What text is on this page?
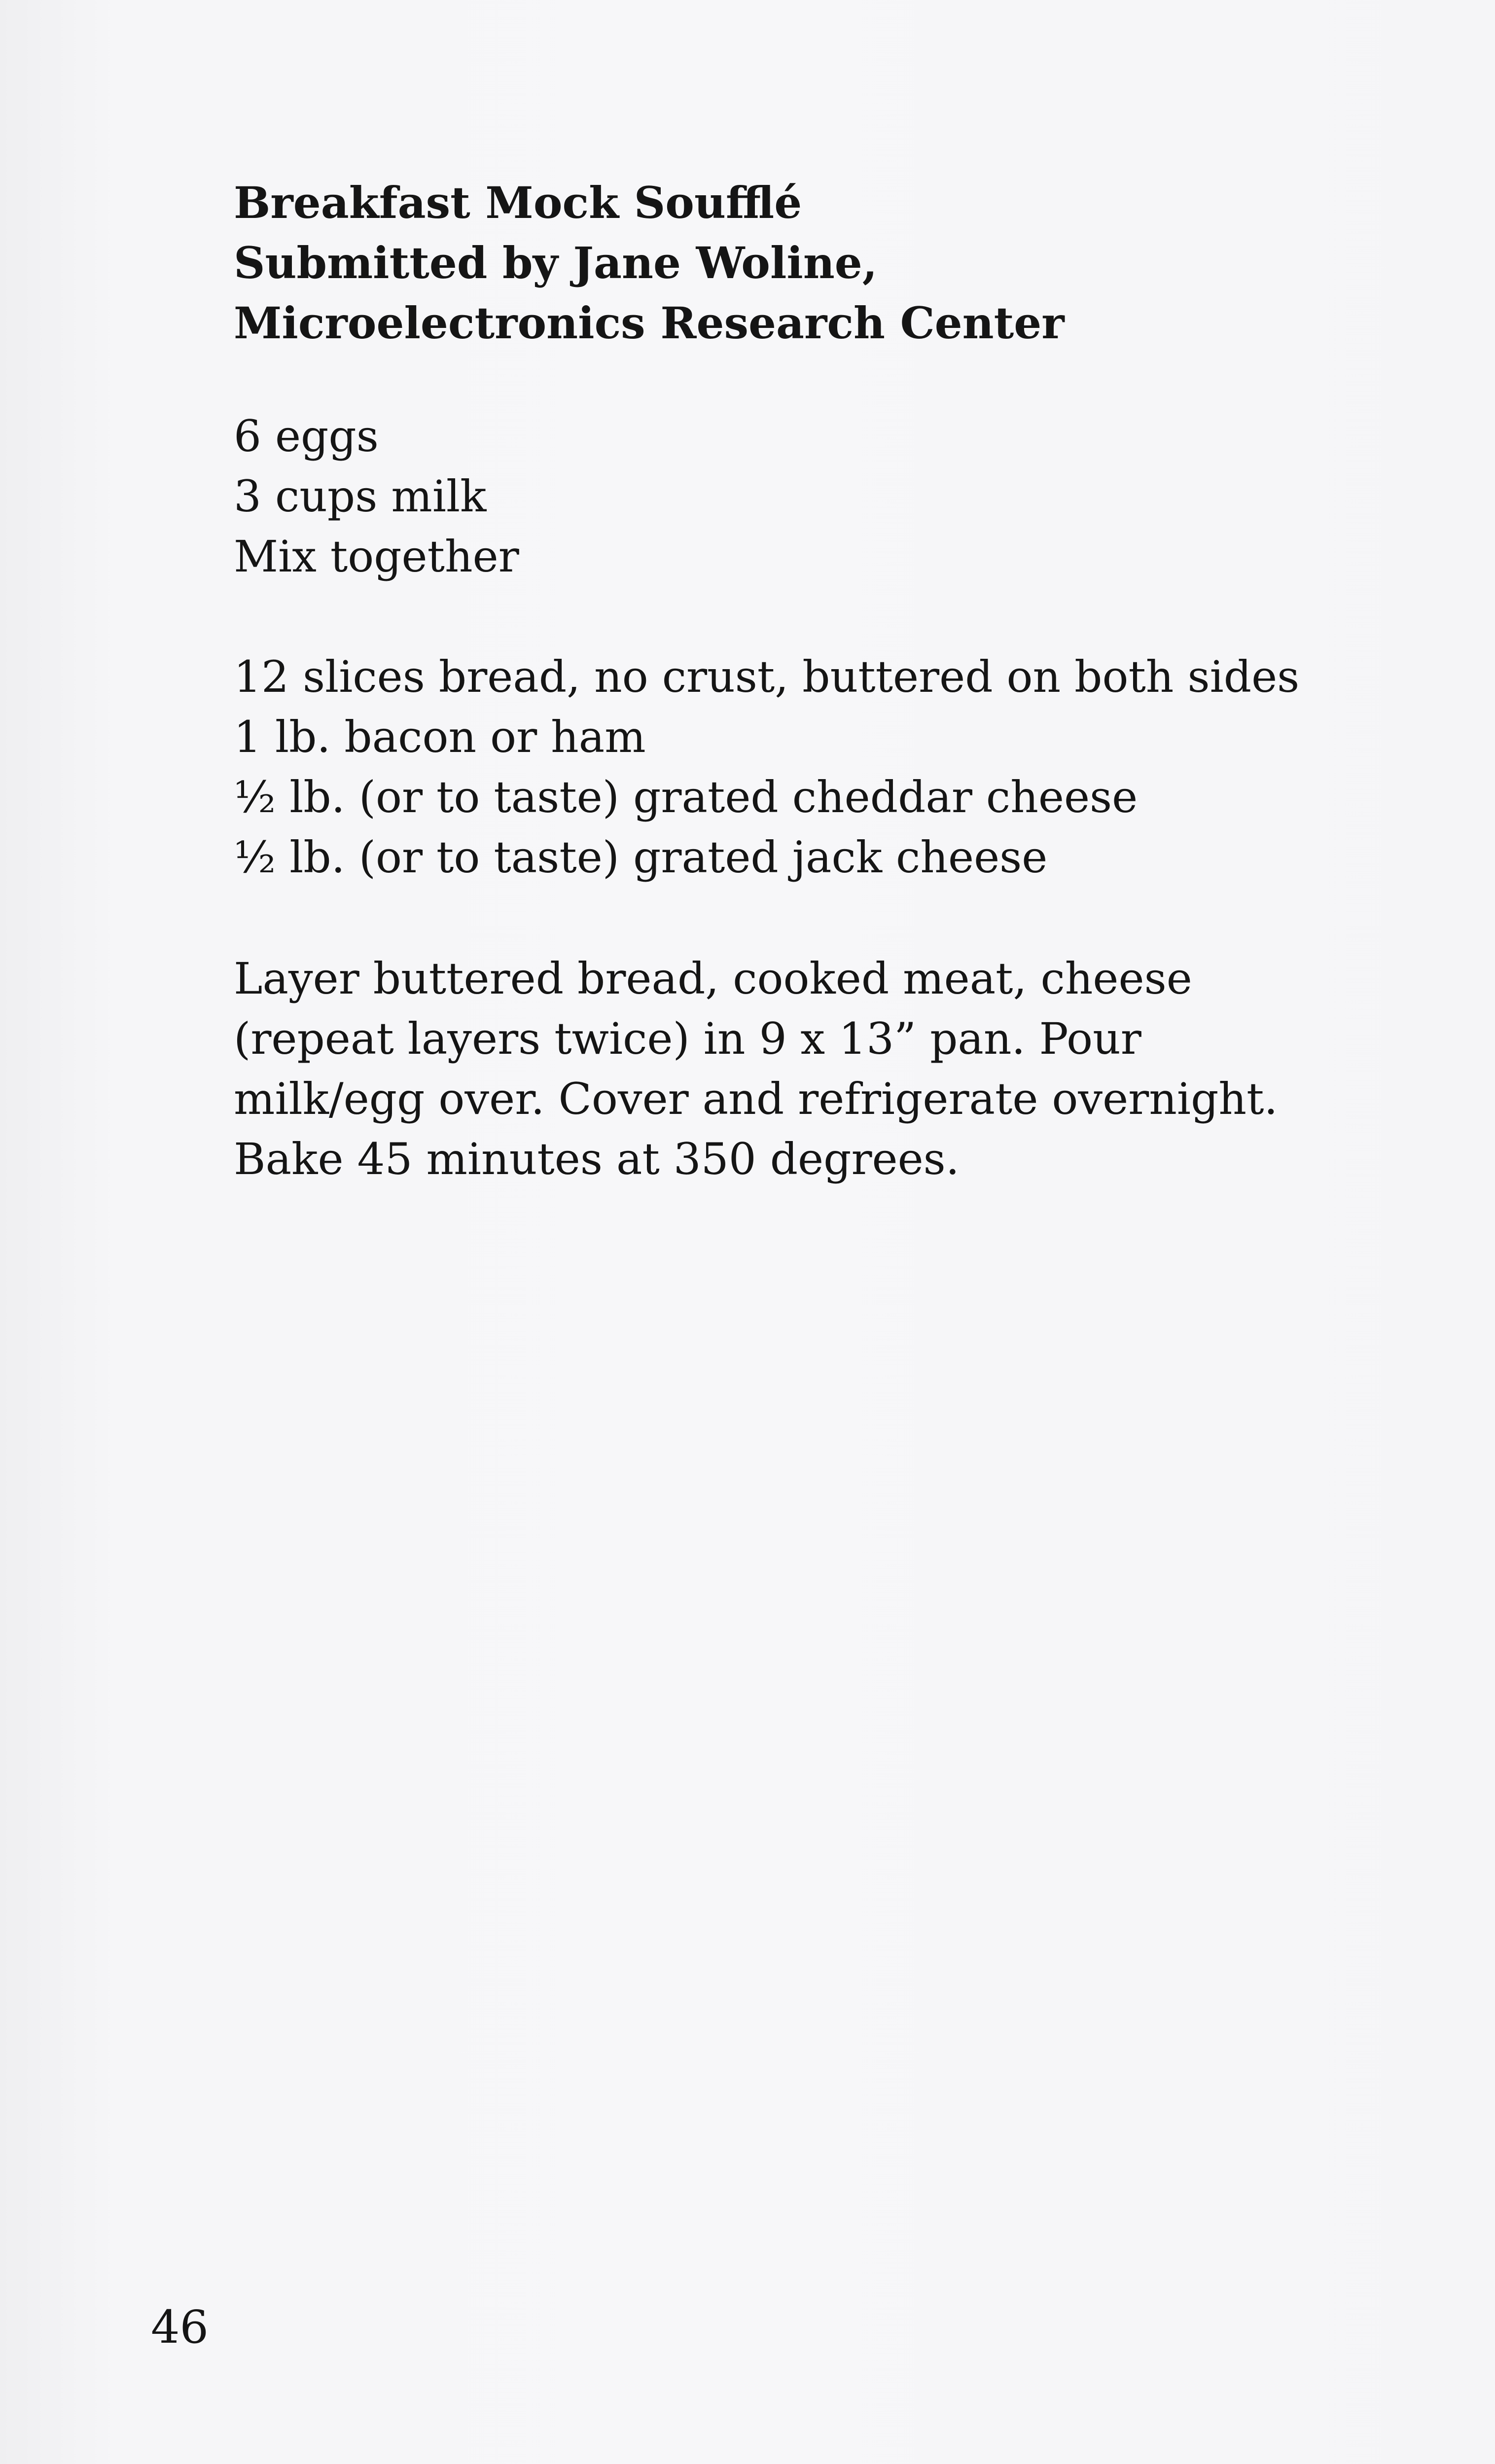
Breakfast Mock Soufflé
Submitted by Jane Woline,
Microelectronics Research Center
6 eggs
3 cups milk
Mix together
12 slices bread, no crust, buttered on both sides
1 lb. bacon or ham
½ lb. (or to taste) grated cheddar cheese
½ lb. (or to taste) grated jack cheese
Layer buttered bread, cooked meat, cheese
(repeat layers twice) in 9 x 13” pan. Pour
milk/egg over. Cover and refrigerate overnight.
Bake 45 minutes at 350 degrees.
46
